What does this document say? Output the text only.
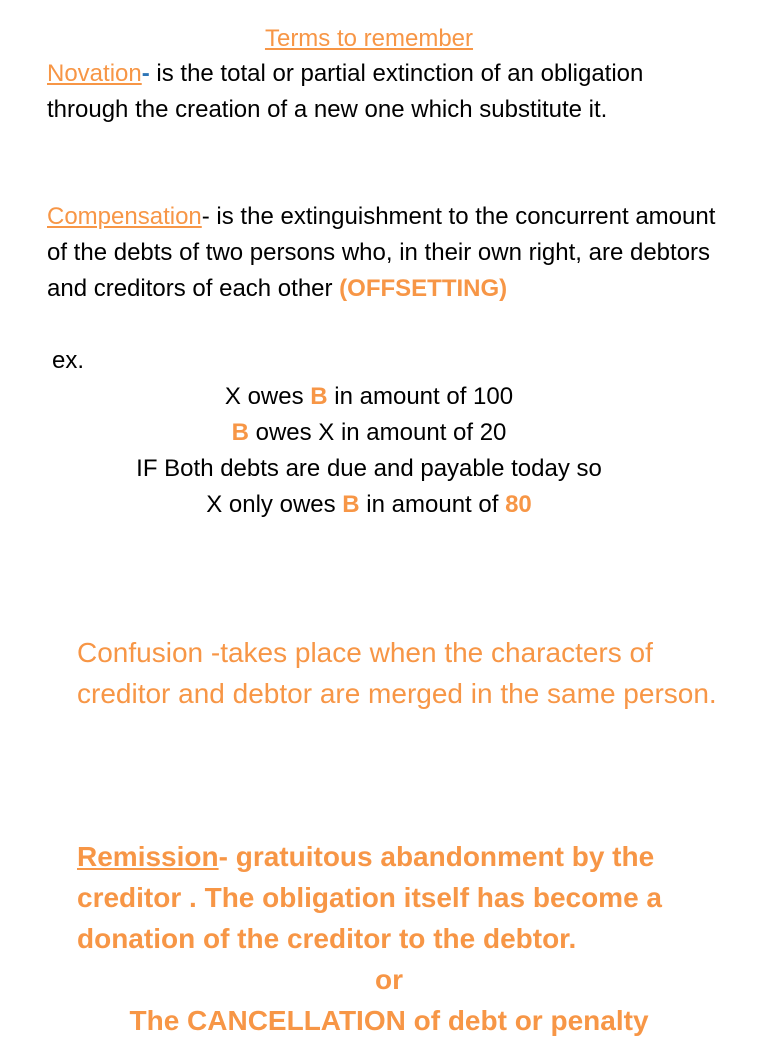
Terms to remember
Novation- is the total or partial extinction of an obligation through the creation of a new one which substitute it.
Compensation- is the extinguishment to the concurrent amount of the debts of two persons who, in their own right, are debtors and creditors of each other (OFFSETTING)
ex.
X owes B in amount of 100
B owes X in amount of 20
IF Both debts are due and payable today so
X only owes B in amount of 80
Confusion -takes place when the characters of creditor and debtor are merged in the same person.
Remission- gratuitous abandonment by the creditor . The obligation itself has become a donation of the creditor to the debtor.
or
The CANCELLATION of debt or penalty
